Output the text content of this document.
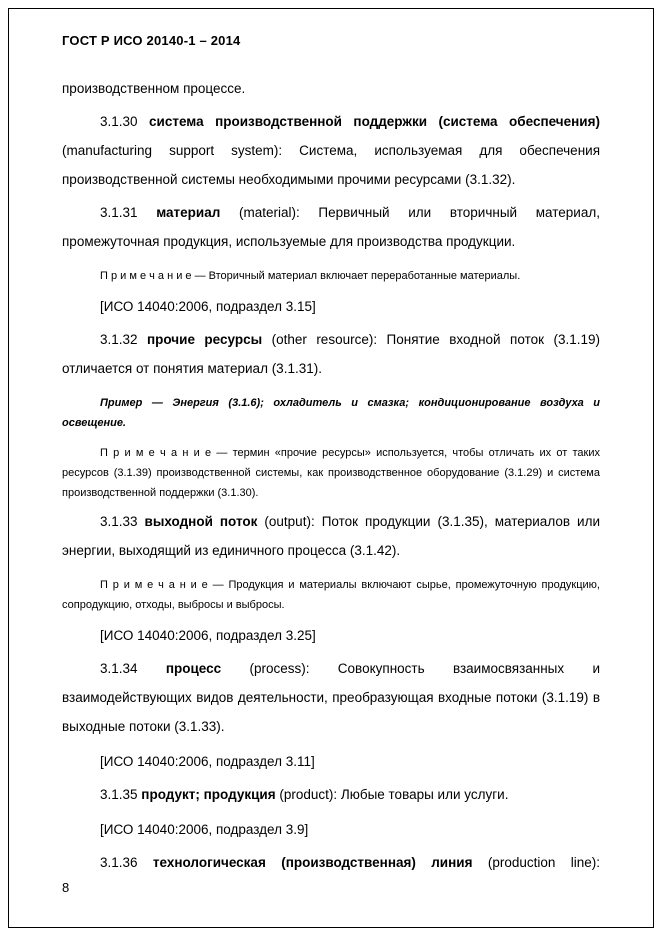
ГОСТ Р ИСО 20140-1 – 2014

производственном процессе.

3.1.30 система производственной поддержки (система обеспечения) (manufacturing support system): Система, используемая для обеспечения производственной системы необходимыми прочими ресурсами (3.1.32).

3.1.31 материал (material): Первичный или вторичный материал, промежуточная продукция, используемые для производства продукции.

П р и м е ч а н и е — Вторичный материал включает переработанные материалы.

[ИСО 14040:2006, подраздел 3.15]

3.1.32 прочие ресурсы (other resource): Понятие входной поток (3.1.19) отличается от понятия материал (3.1.31).

Пример — Энергия (3.1.6); охладитель и смазка; кондиционирование воздуха и освещение.

П р и м е ч а н и е — термин «прочие ресурсы» используется, чтобы отличать их от таких ресурсов (3.1.39) производственной системы, как производственное оборудование (3.1.29) и система производственной поддержки (3.1.30).

3.1.33 выходной поток (output): Поток продукции (3.1.35), материалов или энергии, выходящий из единичного процесса (3.1.42).

П р и м е ч а н и е — Продукция и материалы включают сырье, промежуточную продукцию, сопродукцию, отходы, выбросы и выбросы.

[ИСО 14040:2006, подраздел 3.25]

3.1.34 процесс (process): Совокупность взаимосвязанных и взаимодействующих видов деятельности, преобразующая входные потоки (3.1.19) в выходные потоки (3.1.33).

[ИСО 14040:2006, подраздел 3.11]

3.1.35 продукт; продукция (product): Любые товары или услуги.

[ИСО 14040:2006, подраздел 3.9]

3.1.36 технологическая (производственная) линия (production line):

8
